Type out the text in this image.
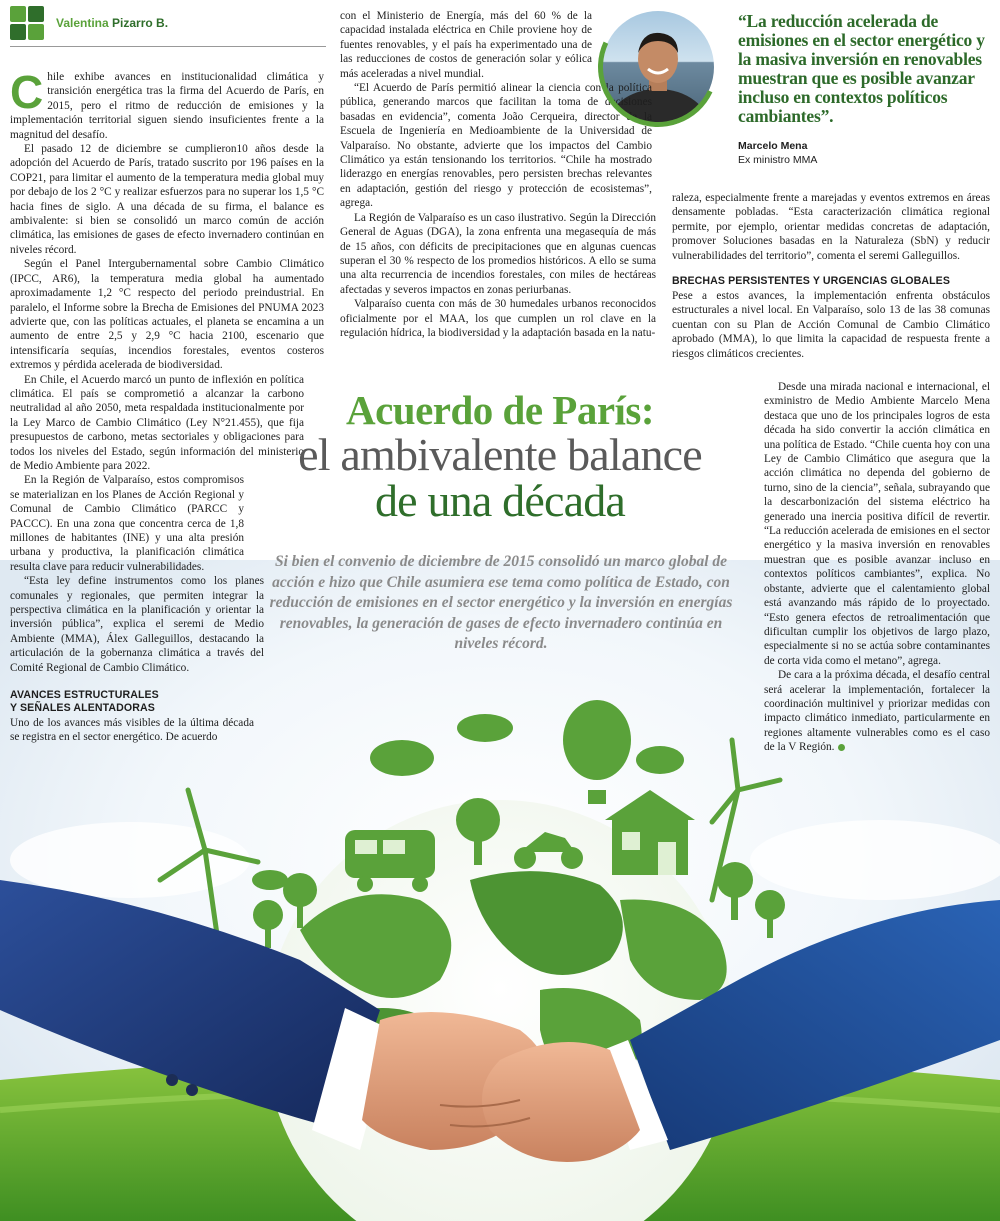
Valentina Pizarro B.	“La reducción acelerada de emisiones en el sector energético y la masiva inversión en renovables muestran que es posible avanzar incluso en contextos políticos cambiantes”.
Marcelo Mena
Ex ministro MMA

Chile exhibe avances en institucionalidad climática y transición energética tras la firma del Acuerdo de París, en 2015, pero el ritmo de reducción de emisiones y la implementación territorial siguen siendo insuficientes frente a la magnitud del desafío.

El pasado 12 de diciembre se cumplieron10 años desde la adopción del Acuerdo de París, tratado suscrito por 196 países en la COP21, para limitar el aumento de la temperatura media global muy por debajo de los 2 °C y realizar esfuerzos para no superar los 1,5 °C hacia fines de siglo. A una década de su firma, el balance es ambivalente: si bien se consolidó un marco común de acción climática, las emisiones de gases de efecto invernadero continúan en niveles récord.

Según el Panel Intergubernamental sobre Cambio Climático (IPCC, AR6), la temperatura media global ha aumentado aproximadamente 1,2 °C respecto del periodo preindustrial. En paralelo, el Informe sobre la Brecha de Emisiones del PNUMA 2023 advierte que, con las políticas actuales, el planeta se encamina a un aumento de entre 2,5 y 2,9 °C hacia 2100, escenario que intensificaría sequías, incendios forestales, eventos costeros extremos y pérdida acelerada de biodiversidad.

En Chile, el Acuerdo marcó un punto de inflexión en política climática. El país se comprometió a alcanzar la carbono neutralidad al año 2050, meta respaldada institucionalmente por la Ley Marco de Cambio Climático (Ley N°21.455), que fija presupuestos de carbono, metas sectoriales y obligaciones para todos los niveles del Estado, según información del ministerio de Medio Ambiente para 2022.

En la Región de Valparaíso, estos compromisos se materializan en los Planes de Acción Regional y Comunal de Cambio Climático (PARCC y PACCC). En una zona que concentra cerca de 1,8 millones de habitantes (INE) y una alta presión urbana y productiva, la planificación climática resulta clave para reducir vulnerabilidades.

“Esta ley define instrumentos como los planes comunales y regionales, que permiten integrar la perspectiva climática en la planificación y orientar la inversión pública”, explica el seremi de Medio Ambiente (MMA), Álex Galleguillos, destacando la articulación de la gobernanza climática a través del Comité Regional de Cambio Climático.

AVANCES ESTRUCTURALES
Y SEÑALES ALENTADORAS

Uno de los avances más visibles de la última década se registra en el sector energético. De acuerdo

con el Ministerio de Energía, más del 60 % de la capacidad instalada eléctrica en Chile proviene hoy de fuentes renovables, y el país ha experimentado una de las reducciones de costos de generación solar y eólica más aceleradas a nivel mundial.

“El Acuerdo de París permitió alinear la ciencia con la política pública, generando marcos que facilitan la toma de decisiones basadas en evidencia”, comenta João Cerqueira, director de la Escuela de Ingeniería en Medioambiente de la Universidad de Valparaíso. No obstante, advierte que los impactos del Cambio Climático ya están tensionando los territorios. “Chile ha mostrado liderazgo en energías renovables, pero persisten brechas relevantes en adaptación, gestión del riesgo y protección de ecosistemas”, agrega.

La Región de Valparaíso es un caso ilustrativo. Según la Dirección General de Aguas (DGA), la zona enfrenta una megasequía de más de 15 años, con déficits de precipitaciones que en algunas cuencas superan el 30 % respecto de los promedios históricos. A ello se suma una alta recurrencia de incendios forestales, con miles de hectáreas afectadas y severos impactos en zonas periurbanas.

Valparaíso cuenta con más de 30 humedales urbanos reconocidos oficialmente por el MAA, los que cumplen un rol clave en la regulación hídrica, la biodiversidad y la adaptación basada en la natu-

raleza, especialmente frente a marejadas y eventos extremos en áreas densamente pobladas. “Esta caracterización climática regional permite, por ejemplo, orientar medidas concretas de adaptación, promover Soluciones basadas en la Naturaleza (SbN) y reducir vulnerabilidades del territorio”, comenta el seremi Galleguillos.

BRECHAS PERSISTENTES Y URGENCIAS GLOBALES

Pese a estos avances, la implementación enfrenta obstáculos estructurales a nivel local. En Valparaíso, solo 13 de las 38 comunas cuentan con su Plan de Acción Comunal de Cambio Climático aprobado (MMA), lo que limita la capacidad de respuesta frente a riesgos climáticos crecientes.

Desde una mirada nacional e internacional, el exministro de Medio Ambiente Marcelo Mena destaca que uno de los principales logros de esta década ha sido convertir la acción climática en una política de Estado. “Chile cuenta hoy con una Ley de Cambio Climático que asegura que la acción climática no dependa del gobierno de turno, sino de la ciencia”, señala, subrayando que la descarbonización del sistema eléctrico ha generado una inercia positiva difícil de revertir. “La reducción acelerada de emisiones en el sector energético y la masiva inversión en renovables muestran que es posible avanzar incluso en contextos políticos cambiantes”, explica. No obstante, advierte que el calentamiento global está avanzando más rápido de lo proyectado. “Esto genera efectos de retroalimentación que dificultan cumplir los objetivos de largo plazo, especialmente si no se actúa sobre contaminantes de corta vida como el metano”, agrega.

De cara a la próxima década, el desafío central será acelerar la implementación, fortalecer la coordinación multinivel y priorizar medidas con impacto climático inmediato, particularmente en regiones altamente vulnerables como es el caso de la V Región.

Acuerdo de París:
el ambivalente balance
de una década
Si bien el convenio de diciembre de 2015 consolidó un marco global de acción e hizo que Chile asumiera ese tema como política de Estado, con reducción de emisiones en el sector energético y la inversión en energías renovables, la generación de gases de efecto invernadero continúa en niveles récord.
